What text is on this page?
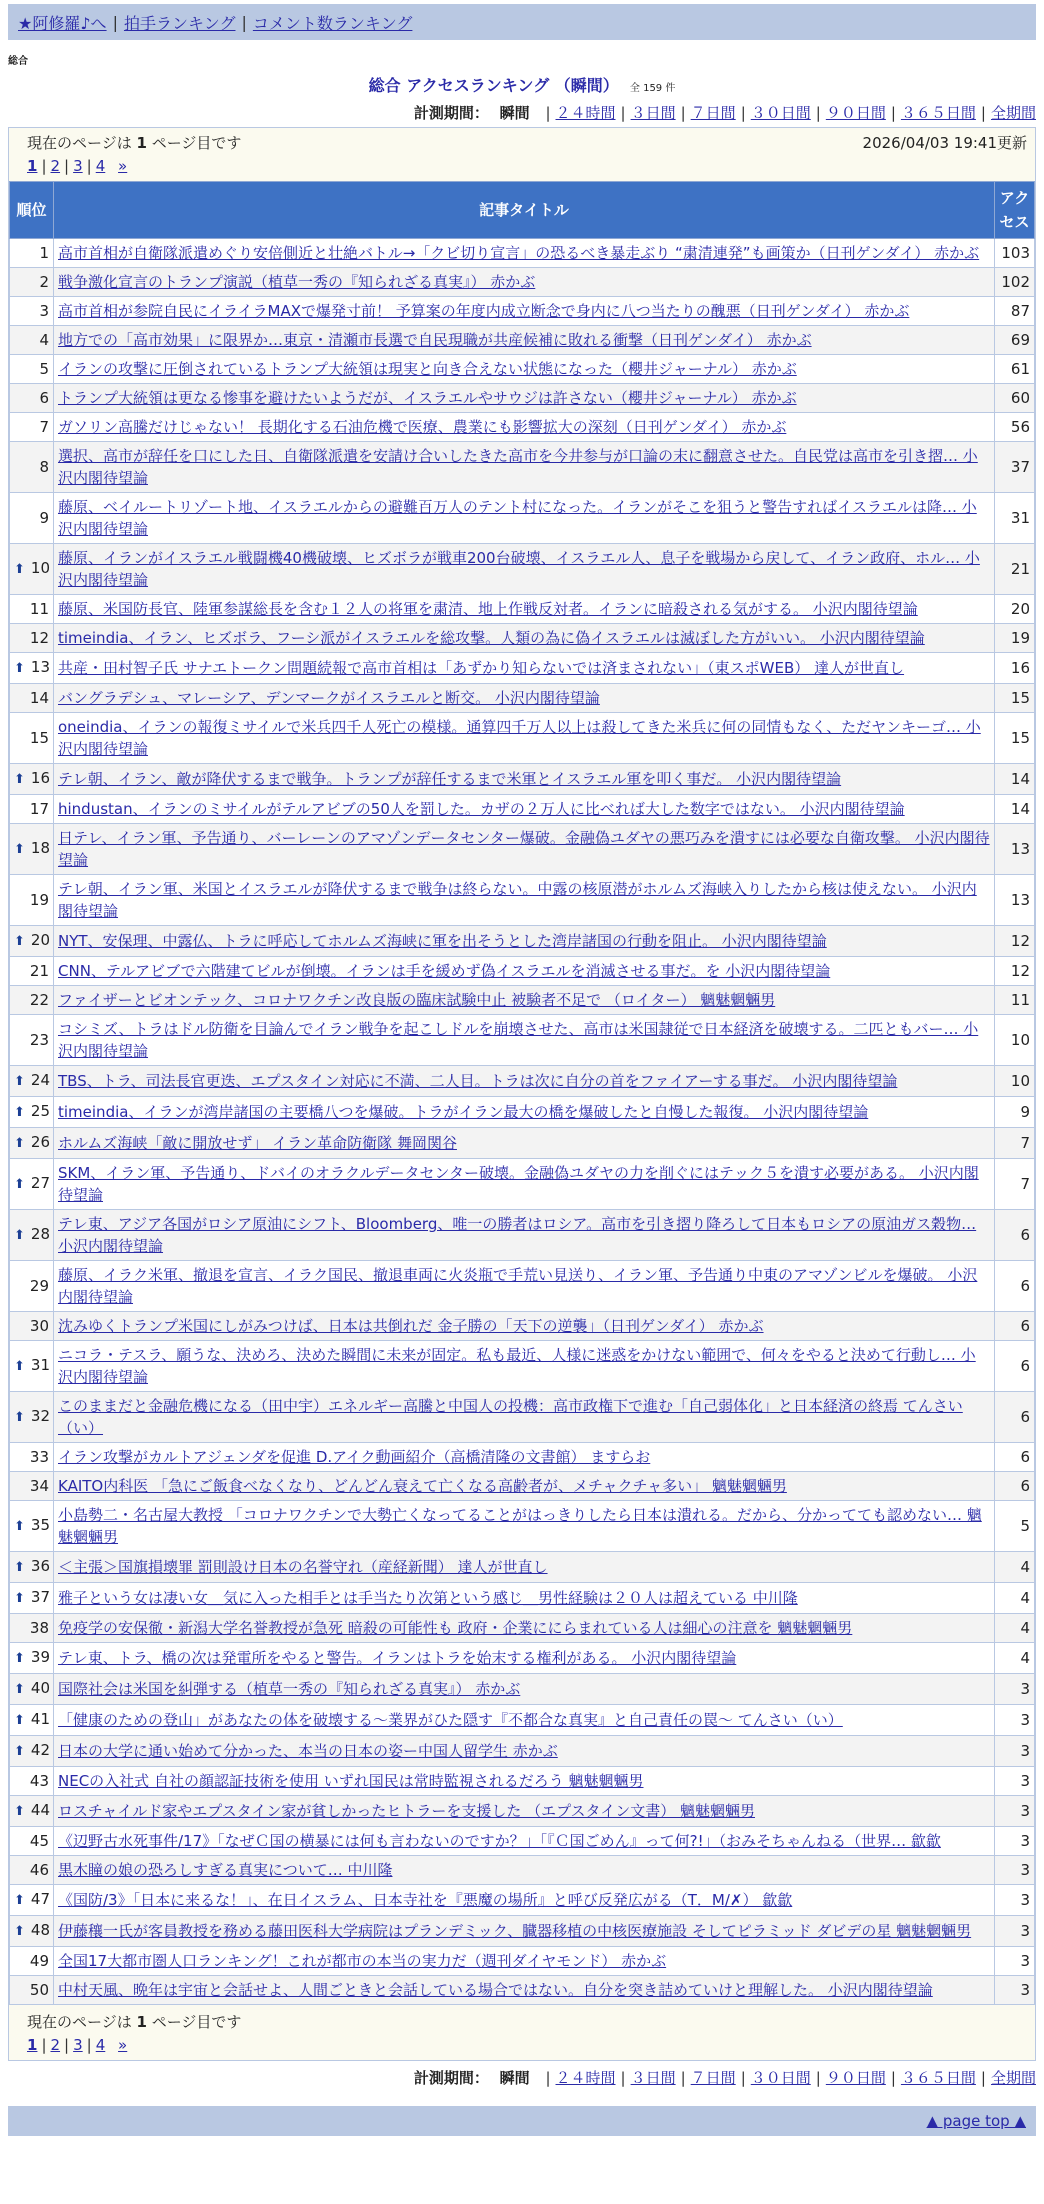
★阿修羅♪へ | 拍手ランキング | コメント数ランキング
総合
総合 アクセスランキング （瞬間） 全 159 件
計測期間： 瞬間 | ２４時間 | ３日間 | ７日間 | ３０日間 | ９０日間 | ３６５日間 | 全期間
現在のページは 1 ページ目です	2026/04/03 19:41更新
1 | 2 | 3 | 4 »
順位	記事タイトル	アクセス
1	高市首相が自衛隊派遣めぐり安倍側近と壮絶バトル→「クビ切り宣言」の恐るべき暴走ぶり “粛清連発”も画策か（日刊ゲンダイ） 赤かぶ	103
2	戦争激化宣言のトランプ演説（植草一秀の『知られざる真実』） 赤かぶ	102
3	高市首相が参院自民にイライラMAXで爆発寸前！ 予算案の年度内成立断念で身内に八つ当たりの醜悪（日刊ゲンダイ） 赤かぶ	87
4	地方での「高市効果」に限界か…東京・清瀬市長選で自民現職が共産候補に敗れる衝撃（日刊ゲンダイ） 赤かぶ	69
5	イランの攻撃に圧倒されているトランプ大統領は現実と向き合えない状態になった（櫻井ジャーナル） 赤かぶ	61
6	トランプ大統領は更なる惨事を避けたいようだが、イスラエルやサウジは許さない（櫻井ジャーナル） 赤かぶ	60
7	ガソリン高騰だけじゃない！ 長期化する石油危機で医療、農業にも影響拡大の深刻（日刊ゲンダイ） 赤かぶ	56
8	選択、高市が辞任を口にした日、自衛隊派遣を安請け合いしたきた高市を今井参与が口論の末に翻意させた。自民党は高市を引き摺… 小沢内閣待望論	37
9	藤原、ベイルートリゾート地、イスラエルからの避難百万人のテント村になった。イランがそこを狙うと警告すればイスラエルは降… 小沢内閣待望論	31
⬆ 10	藤原、イランがイスラエル戦闘機40機破壊、ヒズボラが戦車200台破壊、イスラエル人、息子を戦場から戻して、イラン政府、ホル… 小沢内閣待望論	21
11	藤原、米国防長官、陸軍参謀総長を含む１２人の将軍を粛清、地上作戦反対者。イランに暗殺される気がする。 小沢内閣待望論	20
12	timeindia、イラン、ヒズボラ、フーシ派がイスラエルを総攻撃。人類の為に偽イスラエルは滅ぼした方がいい。 小沢内閣待望論	19
⬆ 13	共産・田村智子氏 サナエトークン問題続報で高市首相は「あずかり知らないでは済まされない」（東スポWEB） 達人が世直し	16
14	バングラデシュ、マレーシア、デンマークがイスラエルと断交。 小沢内閣待望論	15
15	oneindia、イランの報復ミサイルで米兵四千人死亡の模様。通算四千万人以上は殺してきた米兵に何の同情もなく、ただヤンキーゴ… 小沢内閣待望論	15
⬆ 16	テレ朝、イラン、敵が降伏するまで戦争。トランプが辞任するまで米軍とイスラエル軍を叩く事だ。 小沢内閣待望論	14
17	hindustan、イランのミサイルがテルアビブの50人を罰した。カザの２万人に比べれば大した数字ではない。 小沢内閣待望論	14
⬆ 18	日テレ、イラン軍、予告通り、バーレーンのアマゾンデータセンター爆破。金融偽ユダヤの悪巧みを潰すには必要な自衛攻撃。 小沢内閣待望論	13
19	テレ朝、イラン軍、米国とイスラエルが降伏するまで戦争は終らない。中露の核原潜がホルムズ海峡入りしたから核は使えない。 小沢内閣待望論	13
⬆ 20	NYT、安保理、中露仏、トラに呼応してホルムズ海峡に軍を出そうとした湾岸諸国の行動を阻止。 小沢内閣待望論	12
21	CNN、テルアビブで六階建てビルが倒壊。イランは手を緩めず偽イスラエルを消滅させる事だ。を 小沢内閣待望論	12
22	ファイザーとビオンテック、コロナワクチン改良版の臨床試験中止 被験者不足で （ロイター） 魑魅魍魎男	11
23	コシミズ、トラはドル防衛を目論んでイラン戦争を起こしドルを崩壊させた、高市は米国隷従で日本経済を破壊する。二匹ともバー… 小沢内閣待望論	10
⬆ 24	TBS、トラ、司法長官更迭、エプスタイン対応に不満、二人目。トラは次に自分の首をファイアーする事だ。 小沢内閣待望論	10
⬆ 25	timeindia、イランが湾岸諸国の主要橋八つを爆破。トラがイラン最大の橋を爆破したと自慢した報復。 小沢内閣待望論	9
⬆ 26	ホルムズ海峡「敵に開放せず」 イラン革命防衛隊 舞岡関谷	7
⬆ 27	SKM、イラン軍、予告通り、ドバイのオラクルデータセンター破壊。金融偽ユダヤの力を削ぐにはテック５を潰す必要がある。 小沢内閣待望論	7
⬆ 28	テレ東、アジア各国がロシア原油にシフト、Bloomberg、唯一の勝者はロシア。高市を引き摺り降ろして日本もロシアの原油ガス穀物… 小沢内閣待望論	6
29	藤原、イラク米軍、撤退を宣言、イラク国民、撤退車両に火炎瓶で手荒い見送り、イラン軍、予告通り中東のアマゾンビルを爆破。 小沢内閣待望論	6
30	沈みゆくトランプ米国にしがみつけば、日本は共倒れだ 金子勝の「天下の逆襲」（日刊ゲンダイ） 赤かぶ	6
⬆ 31	ニコラ・テスラ、願うな、決めろ、決めた瞬間に未来が固定。私も最近、人様に迷惑をかけない範囲で、何々をやると決めて行動し… 小沢内閣待望論	6
⬆ 32	このままだと金融危機になる（田中宇）エネルギー高騰と中国人の投機：高市政権下で進む「自己弱体化」と日本経済の終焉 てんさい（い）	6
33	イラン攻撃がカルトアジェンダを促進 D.アイク動画紹介（高橋清隆の文書館） ますらお	6
34	KAITO内科医 「急にご飯食べなくなり、どんどん衰えて亡くなる高齢者が、メチャクチャ多い」 魑魅魍魎男	6
⬆ 35	小島勢二・名古屋大教授 「コロナワクチンで大勢亡くなってることがはっきりしたら日本は潰れる。だから、分かってても認めない… 魑魅魍魎男	5
⬆ 36	＜主張＞国旗損壊罪 罰則設け日本の名誉守れ（産経新聞） 達人が世直し	4
⬆ 37	雅子という女は凄い女＿気に入った相手とは手当たり次第という感じ＿男性経験は２０人は超えている 中川隆	4
38	免疫学の安保徹・新潟大学名誉教授が急死 暗殺の可能性も 政府・企業ににらまれている人は細心の注意を 魑魅魍魎男	4
⬆ 39	テレ東、トラ、橋の次は発電所をやると警告。イランはトラを始末する権利がある。 小沢内閣待望論	4
⬆ 40	国際社会は米国を糾弾する（植草一秀の『知られざる真実』） 赤かぶ	3
⬆ 41	「健康のための登山」があなたの体を破壊する～業界がひた隠す『不都合な真実』と自己責任の罠～ てんさい（い）	3
⬆ 42	日本の大学に通い始めて分かった、本当の日本の姿ー中国人留学生 赤かぶ	3
43	NECの入社式 自社の顔認証技術を使用 いずれ国民は常時監視されるだろう 魑魅魍魎男	3
⬆ 44	ロスチャイルド家やエプスタイン家が貧しかったヒトラーを支援した （エプスタイン文書） 魑魅魍魎男	3
45	《辺野古水死事件/17》「なぜＣ国の横暴には何も言わないのですか？」「『Ｃ国ごめん』って何?!」（おみそちゃんねる（世界… 歙歙	3
46	黒木瞳の娘の恐ろしすぎる真実について… 中川隆	3
⬆ 47	《国防/3》「日本に来るな！」、在日イスラム、日本寺社を『悪魔の場所』と呼び反発広がる（T．M/✗） 歙歙	3
⬆ 48	伊藤穰一氏が客員教授を務める藤田医科大学病院はプランデミック、臓器移植の中核医療施設 そしてピラミッド ダビデの星 魑魅魍魎男	3
49	全国17大都市圏人口ランキング！これが都市の本当の実力だ（週刊ダイヤモンド） 赤かぶ	3
50	中村天風、晩年は宇宙と会話せよ、人間ごときと会話している場合ではない。自分を突き詰めていけと理解した。 小沢内閣待望論	3
現在のページは 1 ページ目です
1 | 2 | 3 | 4 »
計測期間： 瞬間 | ２４時間 | ３日間 | ７日間 | ３０日間 | ９０日間 | ３６５日間 | 全期間
▲ page top ▲
